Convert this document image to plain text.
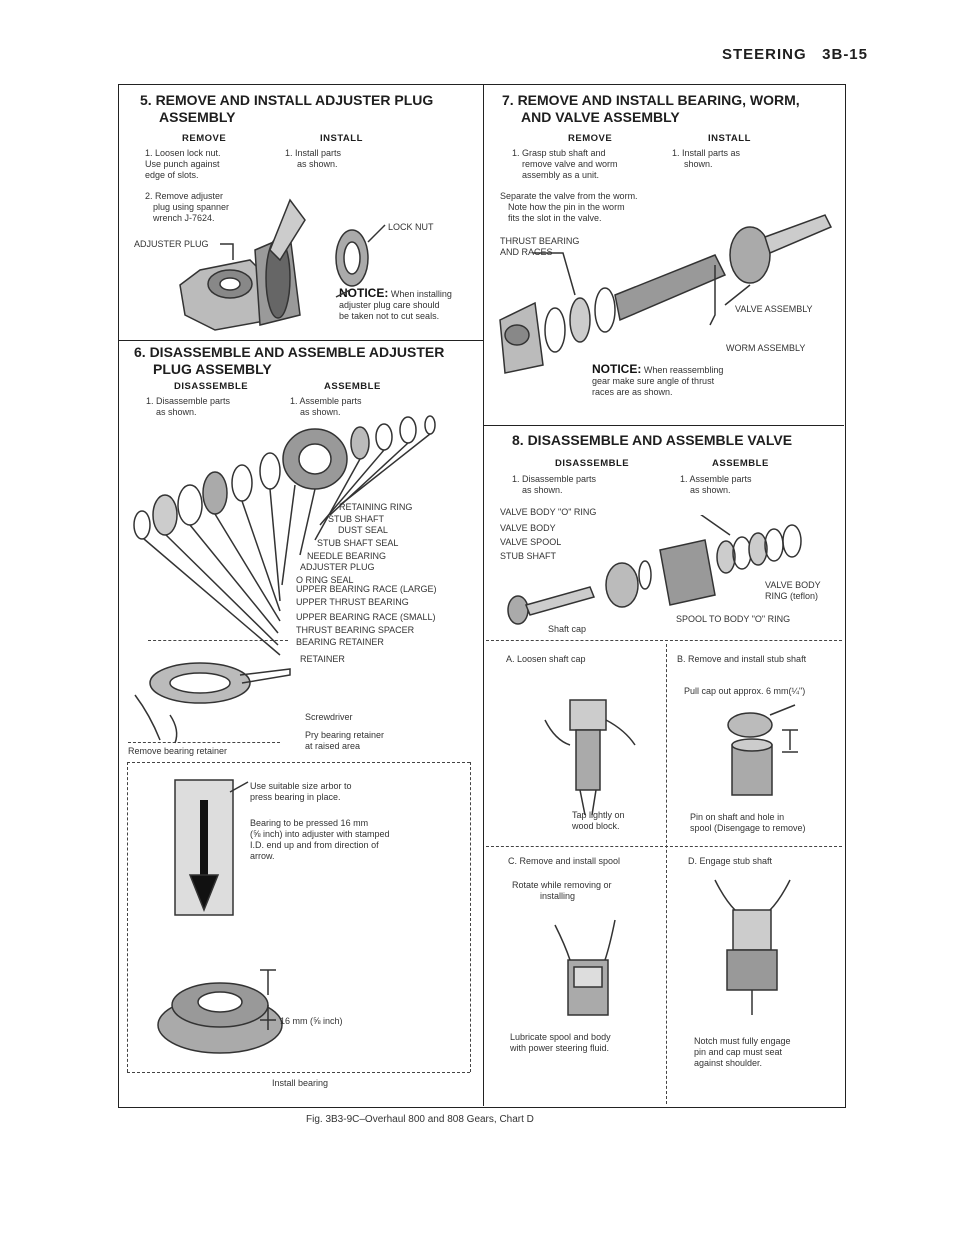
STEERING 3B-15
5. REMOVE AND INSTALL ADJUSTER PLUG
ASSEMBLY
REMOVE	INSTALL
1. Loosen lock nut.
Use punch against
edge of slots.
1. Install parts
as shown.
2. Remove adjuster
plug using spanner
wrench J-7624.
LOCK NUT
ADJUSTER PLUG
NOTICE: When installing
adjuster plug care should
be taken not to cut seals.
6. DISASSEMBLE AND ASSEMBLE ADJUSTER
PLUG ASSEMBLY
DISASSEMBLE	ASSEMBLE
1. Disassemble parts
as shown.
1. Assemble parts
as shown.
RETAINING RING
STUB SHAFT
DUST SEAL
STUB SHAFT SEAL
NEEDLE BEARING
ADJUSTER PLUG
O RING SEAL
UPPER BEARING RACE (LARGE)
UPPER THRUST BEARING
UPPER BEARING RACE (SMALL)
THRUST BEARING SPACER
BEARING RETAINER
RETAINER
Screwdriver
Pry bearing retainer
at raised area
Remove bearing retainer
Use suitable size arbor to
press bearing in place.
Bearing to be pressed 16 mm
(⅝ inch) into adjuster with stamped
I.D. end up and from direction of
arrow.
16 mm (⅝ inch)
Install bearing
7. REMOVE AND INSTALL BEARING, WORM,
AND VALVE ASSEMBLY
REMOVE	INSTALL
1. Grasp stub shaft and
remove valve and worm
assembly as a unit.
1. Install parts as
shown.
Separate the valve from the worm.
Note how the pin in the worm
fits the slot in the valve.
THRUST BEARING
AND RACES
VALVE ASSEMBLY
WORM ASSEMBLY
NOTICE: When reassembling
gear make sure angle of thrust
races are as shown.
8. DISASSEMBLE AND ASSEMBLE VALVE
DISASSEMBLE	ASSEMBLE
1. Disassemble parts
as shown.
1. Assemble parts
as shown.
VALVE BODY "O" RING
VALVE BODY
VALVE SPOOL
STUB SHAFT
VALVE BODY
RING (teflon)
SPOOL TO BODY "O" RING
Shaft cap
A. Loosen shaft cap
Tap lightly on
wood block.
B. Remove and install stub shaft
Pull cap out approx. 6 mm(¼")
Pin on shaft and hole in
spool (Disengage to remove)
C. Remove and install spool
Rotate while removing or
installing
Lubricate spool and body
with power steering fluid.
D. Engage stub shaft
Notch must fully engage
pin and cap must seat
against shoulder.
Fig. 3B3-9C–Overhaul 800 and 808 Gears, Chart D
